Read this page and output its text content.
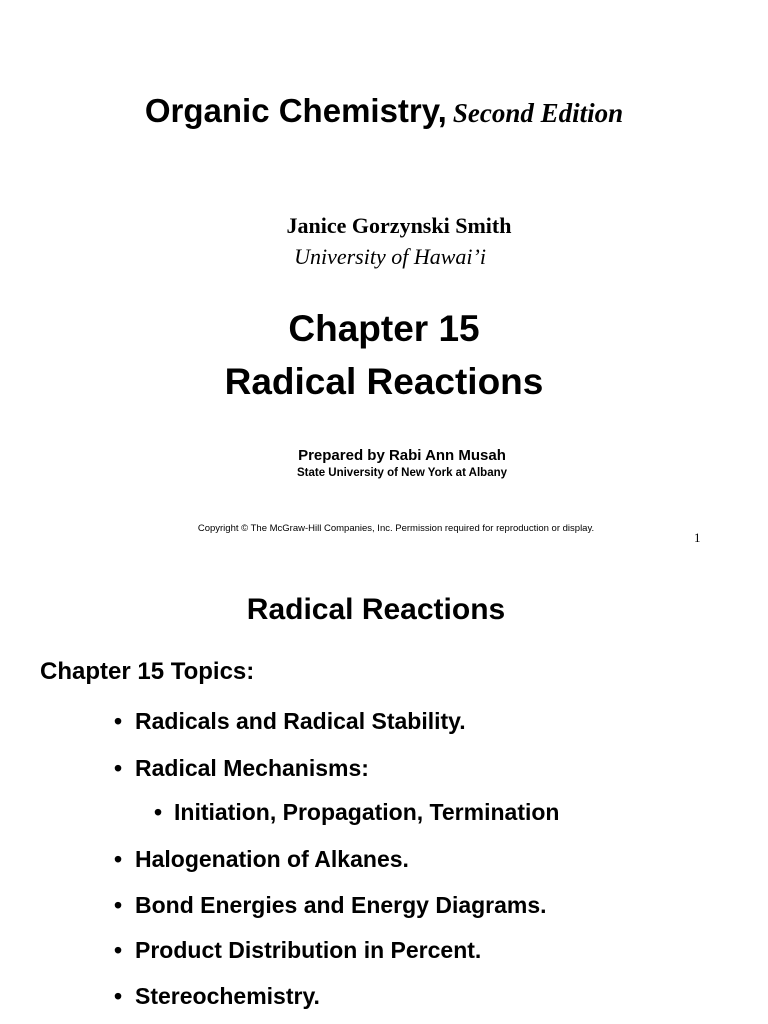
Organic Chemistry, Second Edition
Janice Gorzynski Smith
University of Hawai’i
Chapter 15
Radical Reactions
Prepared by Rabi Ann Musah
State University of New York at Albany
Copyright © The McGraw-Hill Companies, Inc. Permission required for reproduction or display.
1
Radical Reactions
Chapter 15 Topics:
• Radicals and Radical Stability.
• Radical Mechanisms:
• Initiation, Propagation, Termination
• Halogenation of Alkanes.
• Bond Energies and Energy Diagrams.
• Product Distribution in Percent.
• Stereochemistry.
